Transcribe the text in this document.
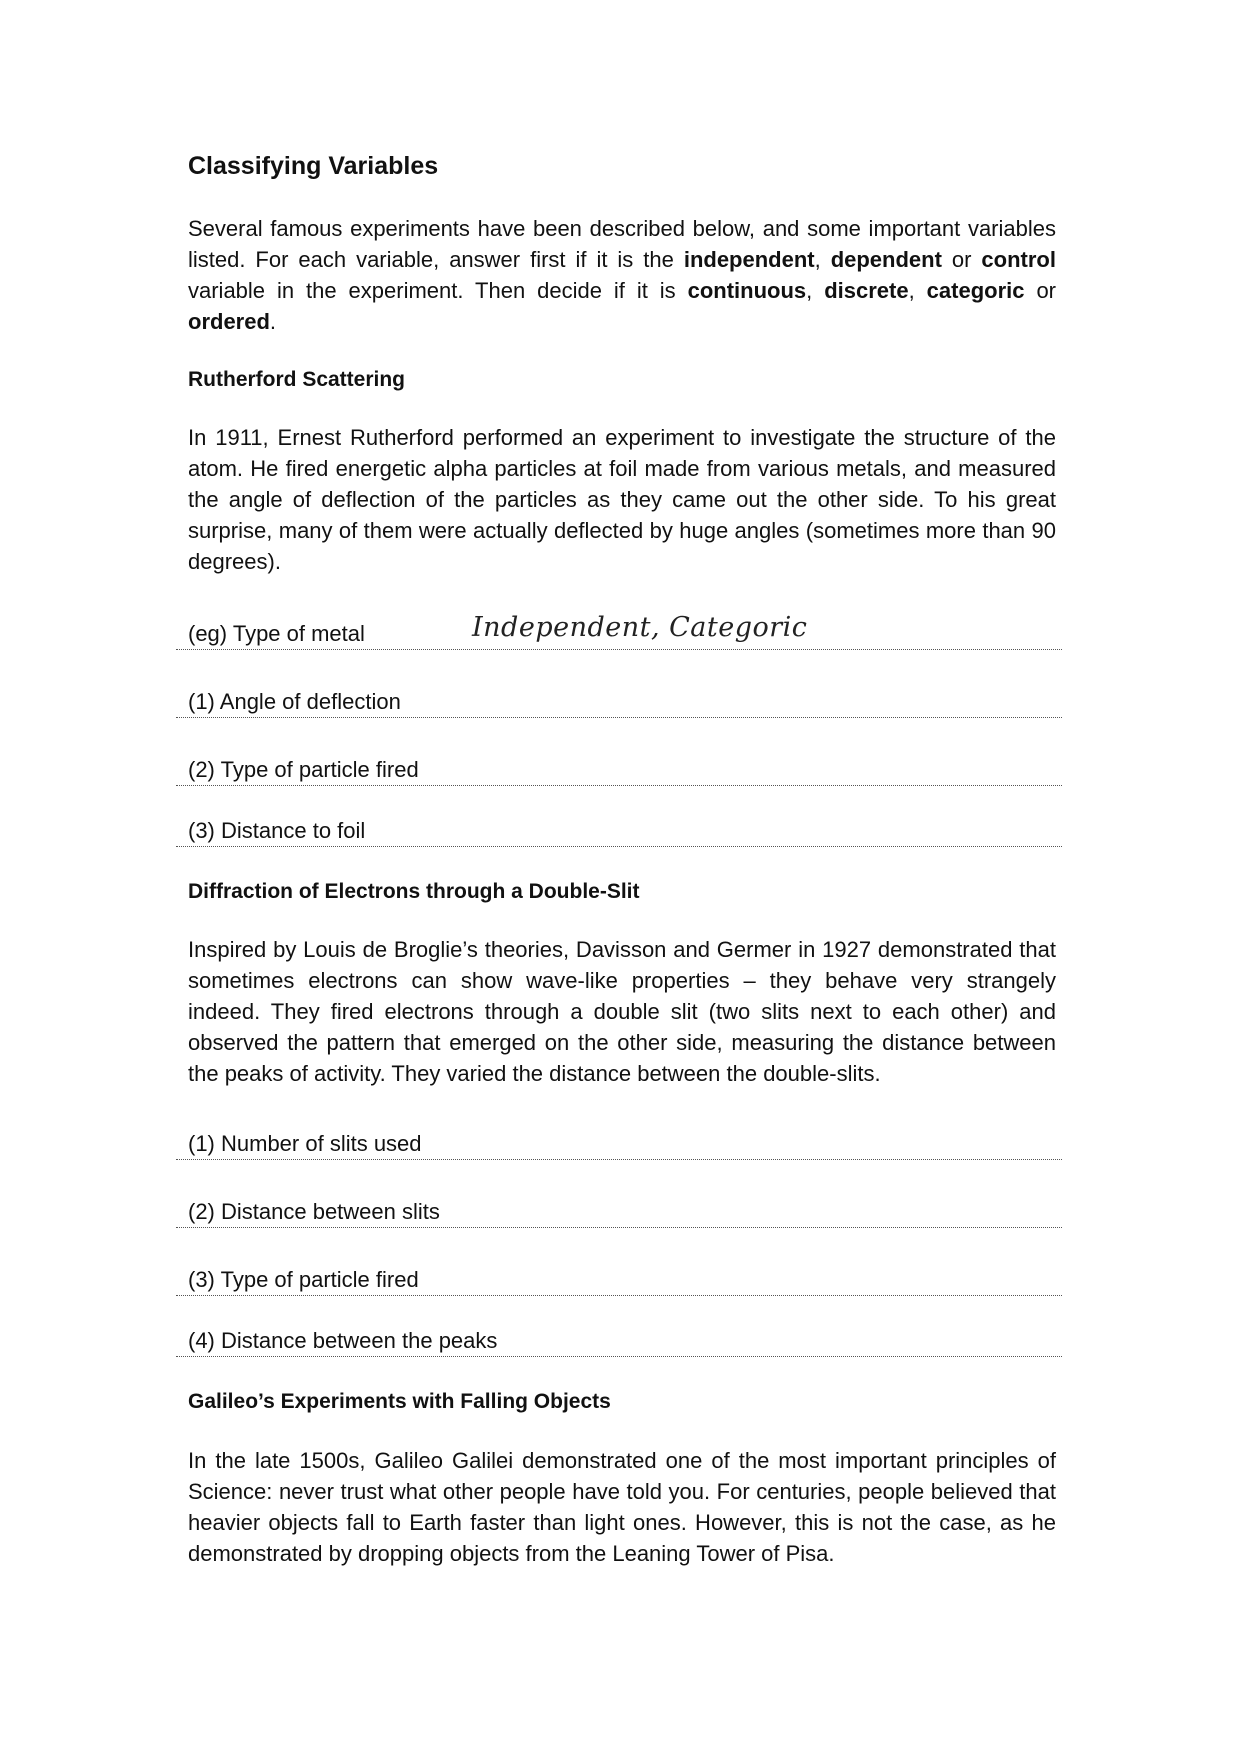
Classifying Variables

Several famous experiments have been described below, and some important variables listed. For each variable, answer first if it is the independent, dependent or control variable in the experiment. Then decide if it is continuous, discrete, categoric or ordered.

Rutherford Scattering

In 1911, Ernest Rutherford performed an experiment to investigate the structure of the atom. He fired energetic alpha particles at foil made from various metals, and measured the angle of deflection of the particles as they came out the other side. To his great surprise, many of them were actually deflected by huge angles (sometimes more than 90 degrees).

(eg) Type of metal	Independent, Categoric
(1) Angle of deflection
(2) Type of particle fired
(3) Distance to foil
Diffraction of Electrons through a Double-Slit

Inspired by Louis de Broglie’s theories, Davisson and Germer in 1927 demonstrated that sometimes electrons can show wave-like properties – they behave very strangely indeed. They fired electrons through a double slit (two slits next to each other) and observed the pattern that emerged on the other side, measuring the distance between the peaks of activity. They varied the distance between the double-slits.

(1) Number of slits used
(2) Distance between slits
(3) Type of particle fired
(4) Distance between the peaks
Galileo’s Experiments with Falling Objects

In the late 1500s, Galileo Galilei demonstrated one of the most important principles of Science: never trust what other people have told you. For centuries, people believed that heavier objects fall to Earth faster than light ones. However, this is not the case, as he demonstrated by dropping objects from the Leaning Tower of Pisa.
